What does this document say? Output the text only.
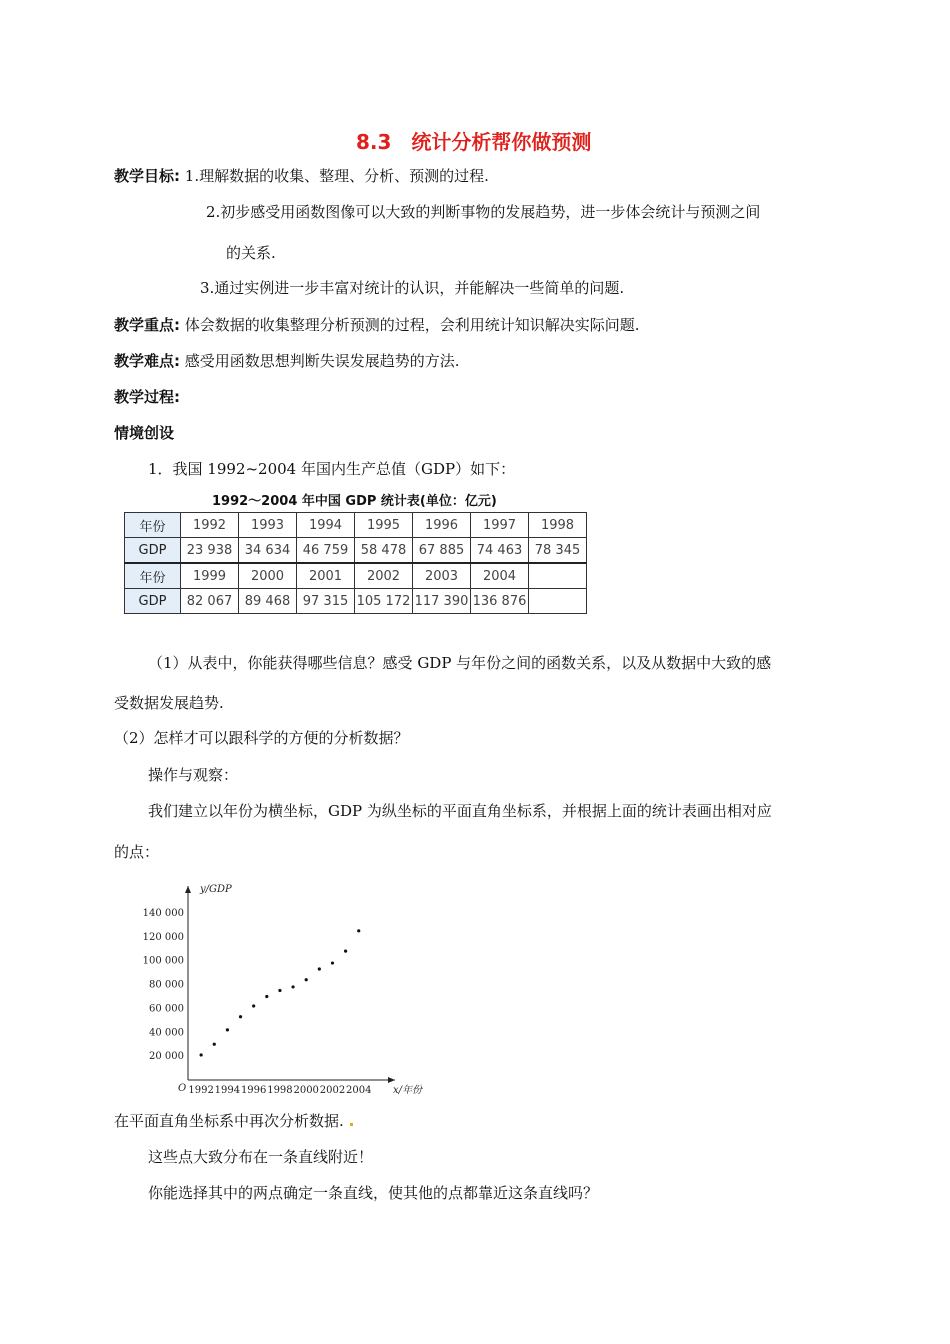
8.3　统计分析帮你做预测
教学目标: 1.理解数据的收集、整理、分析、预测的过程.
2.初步感受用函数图像可以大致的判断事物的发展趋势，进一步体会统计与预测之间
的关系.
3.通过实例进一步丰富对统计的认识，并能解决一些简单的问题.
教学重点: 体会数据的收集整理分析预测的过程，会利用统计知识解决实际问题.
教学难点: 感受用函数思想判断失误发展趋势的方法.
教学过程:
情境创设
1．我国 1992~2004 年国内生产总值（GDP）如下：
1992～2004 年中国 GDP 统计表(单位：亿元)
年份	1992	1993	1994	1995	1996	1997	1998
GDP	23 938	34 634	46 759	58 478	67 885	74 463	78 345
年份	1999	2000	2001	2002	2003	2004	
GDP	82 067	89 468	97 315	105 172	117 390	136 876	
（1）从表中，你能获得哪些信息？感受 GDP 与年份之间的函数关系，以及从数据中大致的感
受数据发展趋势.
（2）怎样才可以跟科学的方便的分析数据？
操作与观察：
我们建立以年份为横坐标，GDP 为纵坐标的平面直角坐标系，并根据上面的统计表画出相对应
的点：
y/GDP
x/年份
O 1992 1994 1996 1998 2000 2002 2004
20 000
40 000
60 000
80 000
100 000
120 000
140 000
在平面直角坐标系中再次分析数据.
这些点大致分布在一条直线附近！
你能选择其中的两点确定一条直线，使其他的点都靠近这条直线吗？
